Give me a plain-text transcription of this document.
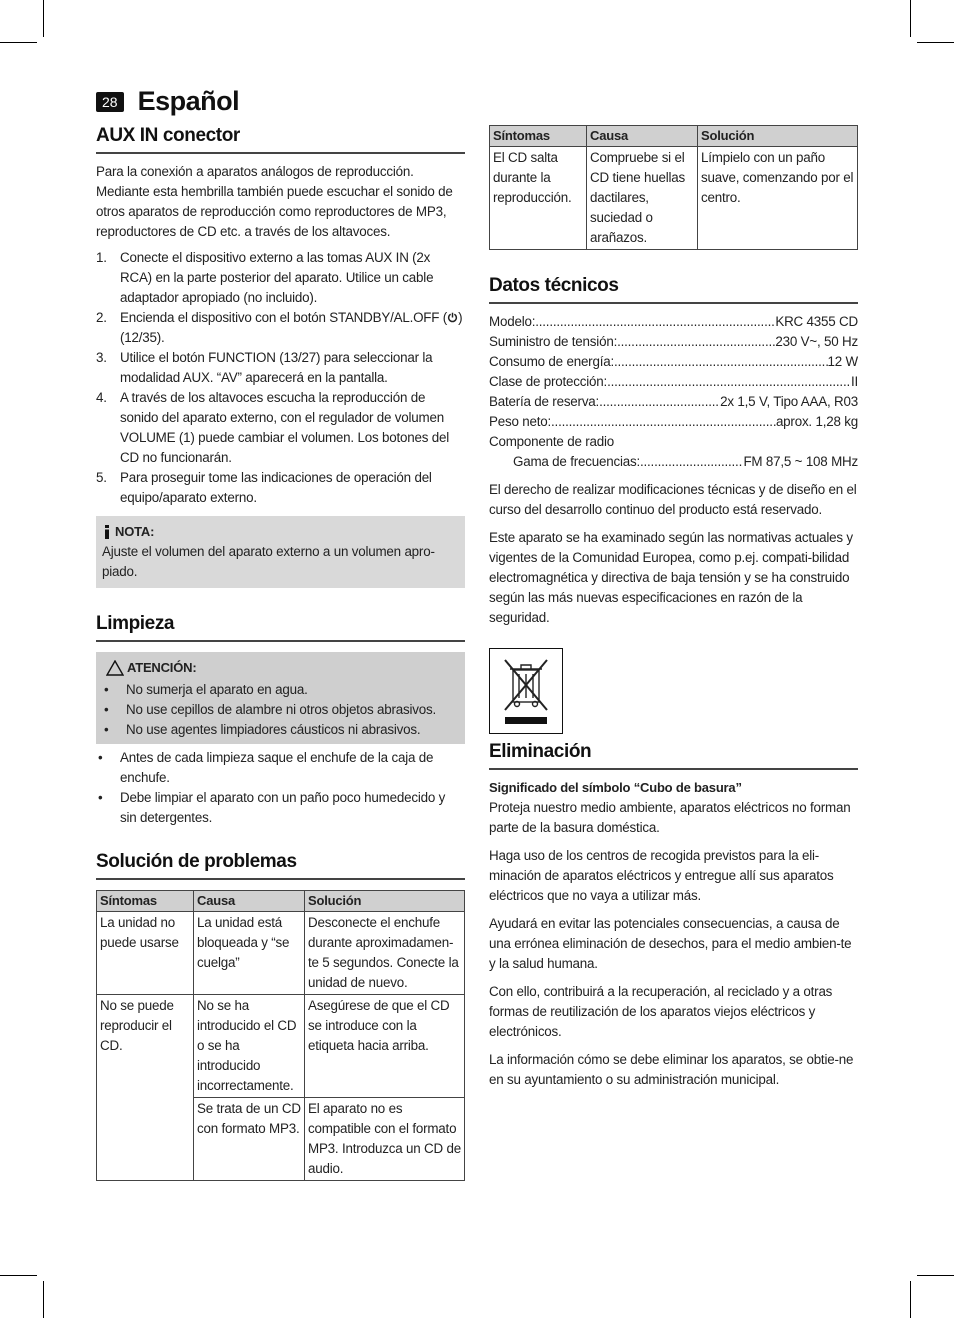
28 Español
AUX IN conector

Para la conexión a aparatos análogos de reproducción. Mediante esta hembrilla también puede escuchar el sonido de otros aparatos de reproducción como reproductores de MP3, reproductores de CD etc. a través de los altavoces.

1. Conecte el dispositivo externo a las tomas AUX IN (2x RCA) en la parte posterior del aparato. Utilice un cable adaptador apropiado (no incluido).
2. Encienda el dispositivo con el botón STANDBY/AL.OFF ( ) (12/35).
3. Utilice el botón FUNCTION (13/27) para seleccionar la modalidad AUX. “AV” aparecerá en la pantalla.
4. A través de los altavoces escucha la reproducción de sonido del aparato externo, con el regulador de volumen VOLUME (1) puede cambiar el volumen. Los botones del CD no funcionarán.
5. Para proseguir tome las indicaciones de operación del equipo/aparato externo.
NOTA:

Ajuste el volumen del aparato externo a un volumen apro-piado.

Limpieza
ATENCIÓN:
• No sumerja el aparato en agua.
• No use cepillos de alambre ni otros objetos abrasivos.
• No use agentes limpiadores cáusticos ni abrasivos.
• Antes de cada limpieza saque el enchufe de la caja de enchufe.
• Debe limpiar el aparato con un paño poco humedecido y sin detergentes.
Solución de problemas
Síntomas	Causa	Solución
La unidad no puede usarse	La unidad está bloqueada y “se cuelga”	Desconecte el enchufe durante aproximadamen-te 5 segundos. Conecte la unidad de nuevo.
No se puede reproducir el CD.	No se ha introducido el CD o se ha introducido incorrectamente.	Asegúrese de que el CD se introduce con la etiqueta hacia arriba.
	Se trata de un CD con formato MP3.	El aparato no es compatible con el formato MP3. Introduzca un CD de audio.
Síntomas	Causa	Solución
El CD salta durante la reproducción.	Compruebe si el CD tiene huellas dactilares, suciedad o arañazos.	Límpielo con un paño suave, comenzando por el centro.
Datos técnicos
Modelo: .....	KRC 4355 CD
Suministro de tensión: .....	230 V~, 50 Hz
Consumo de energía: .....	12 W
Clase de protección: .....	II
Batería de reserva: .....	2x 1,5 V, Tipo AAA, R03
Peso neto: .....	aprox. 1,28 kg
Componente de radio
Gama de frecuencias: .....	FM 87,5 ~ 108 MHz

El derecho de realizar modificaciones técnicas y de diseño en el curso del desarrollo continuo del producto está reservado.

Este aparato se ha examinado según las normativas actuales y vigentes de la Comunidad Europea, como p.ej. compati-bilidad electromagnética y directiva de baja tensión y se ha construido según las más nuevas especificaciones en razón de la seguridad.

Eliminación
Significado del símbolo “Cubo de basura”

Proteja nuestro medio ambiente, aparatos eléctricos no forman parte de la basura doméstica.

Haga uso de los centros de recogida previstos para la eli-minación de aparatos eléctricos y entregue allí sus aparatos eléctricos que no vaya a utilizar más.

Ayudará en evitar las potenciales consecuencias, a causa de una errónea eliminación de desechos, para el medio ambien-te y la salud humana.

Con ello, contribuirá a la recuperación, al reciclado y a otras formas de reutilización de los aparatos viejos eléctricos y electrónicos.

La información cómo se debe eliminar los aparatos, se obtie-ne en su ayuntamiento o su administración municipal.
